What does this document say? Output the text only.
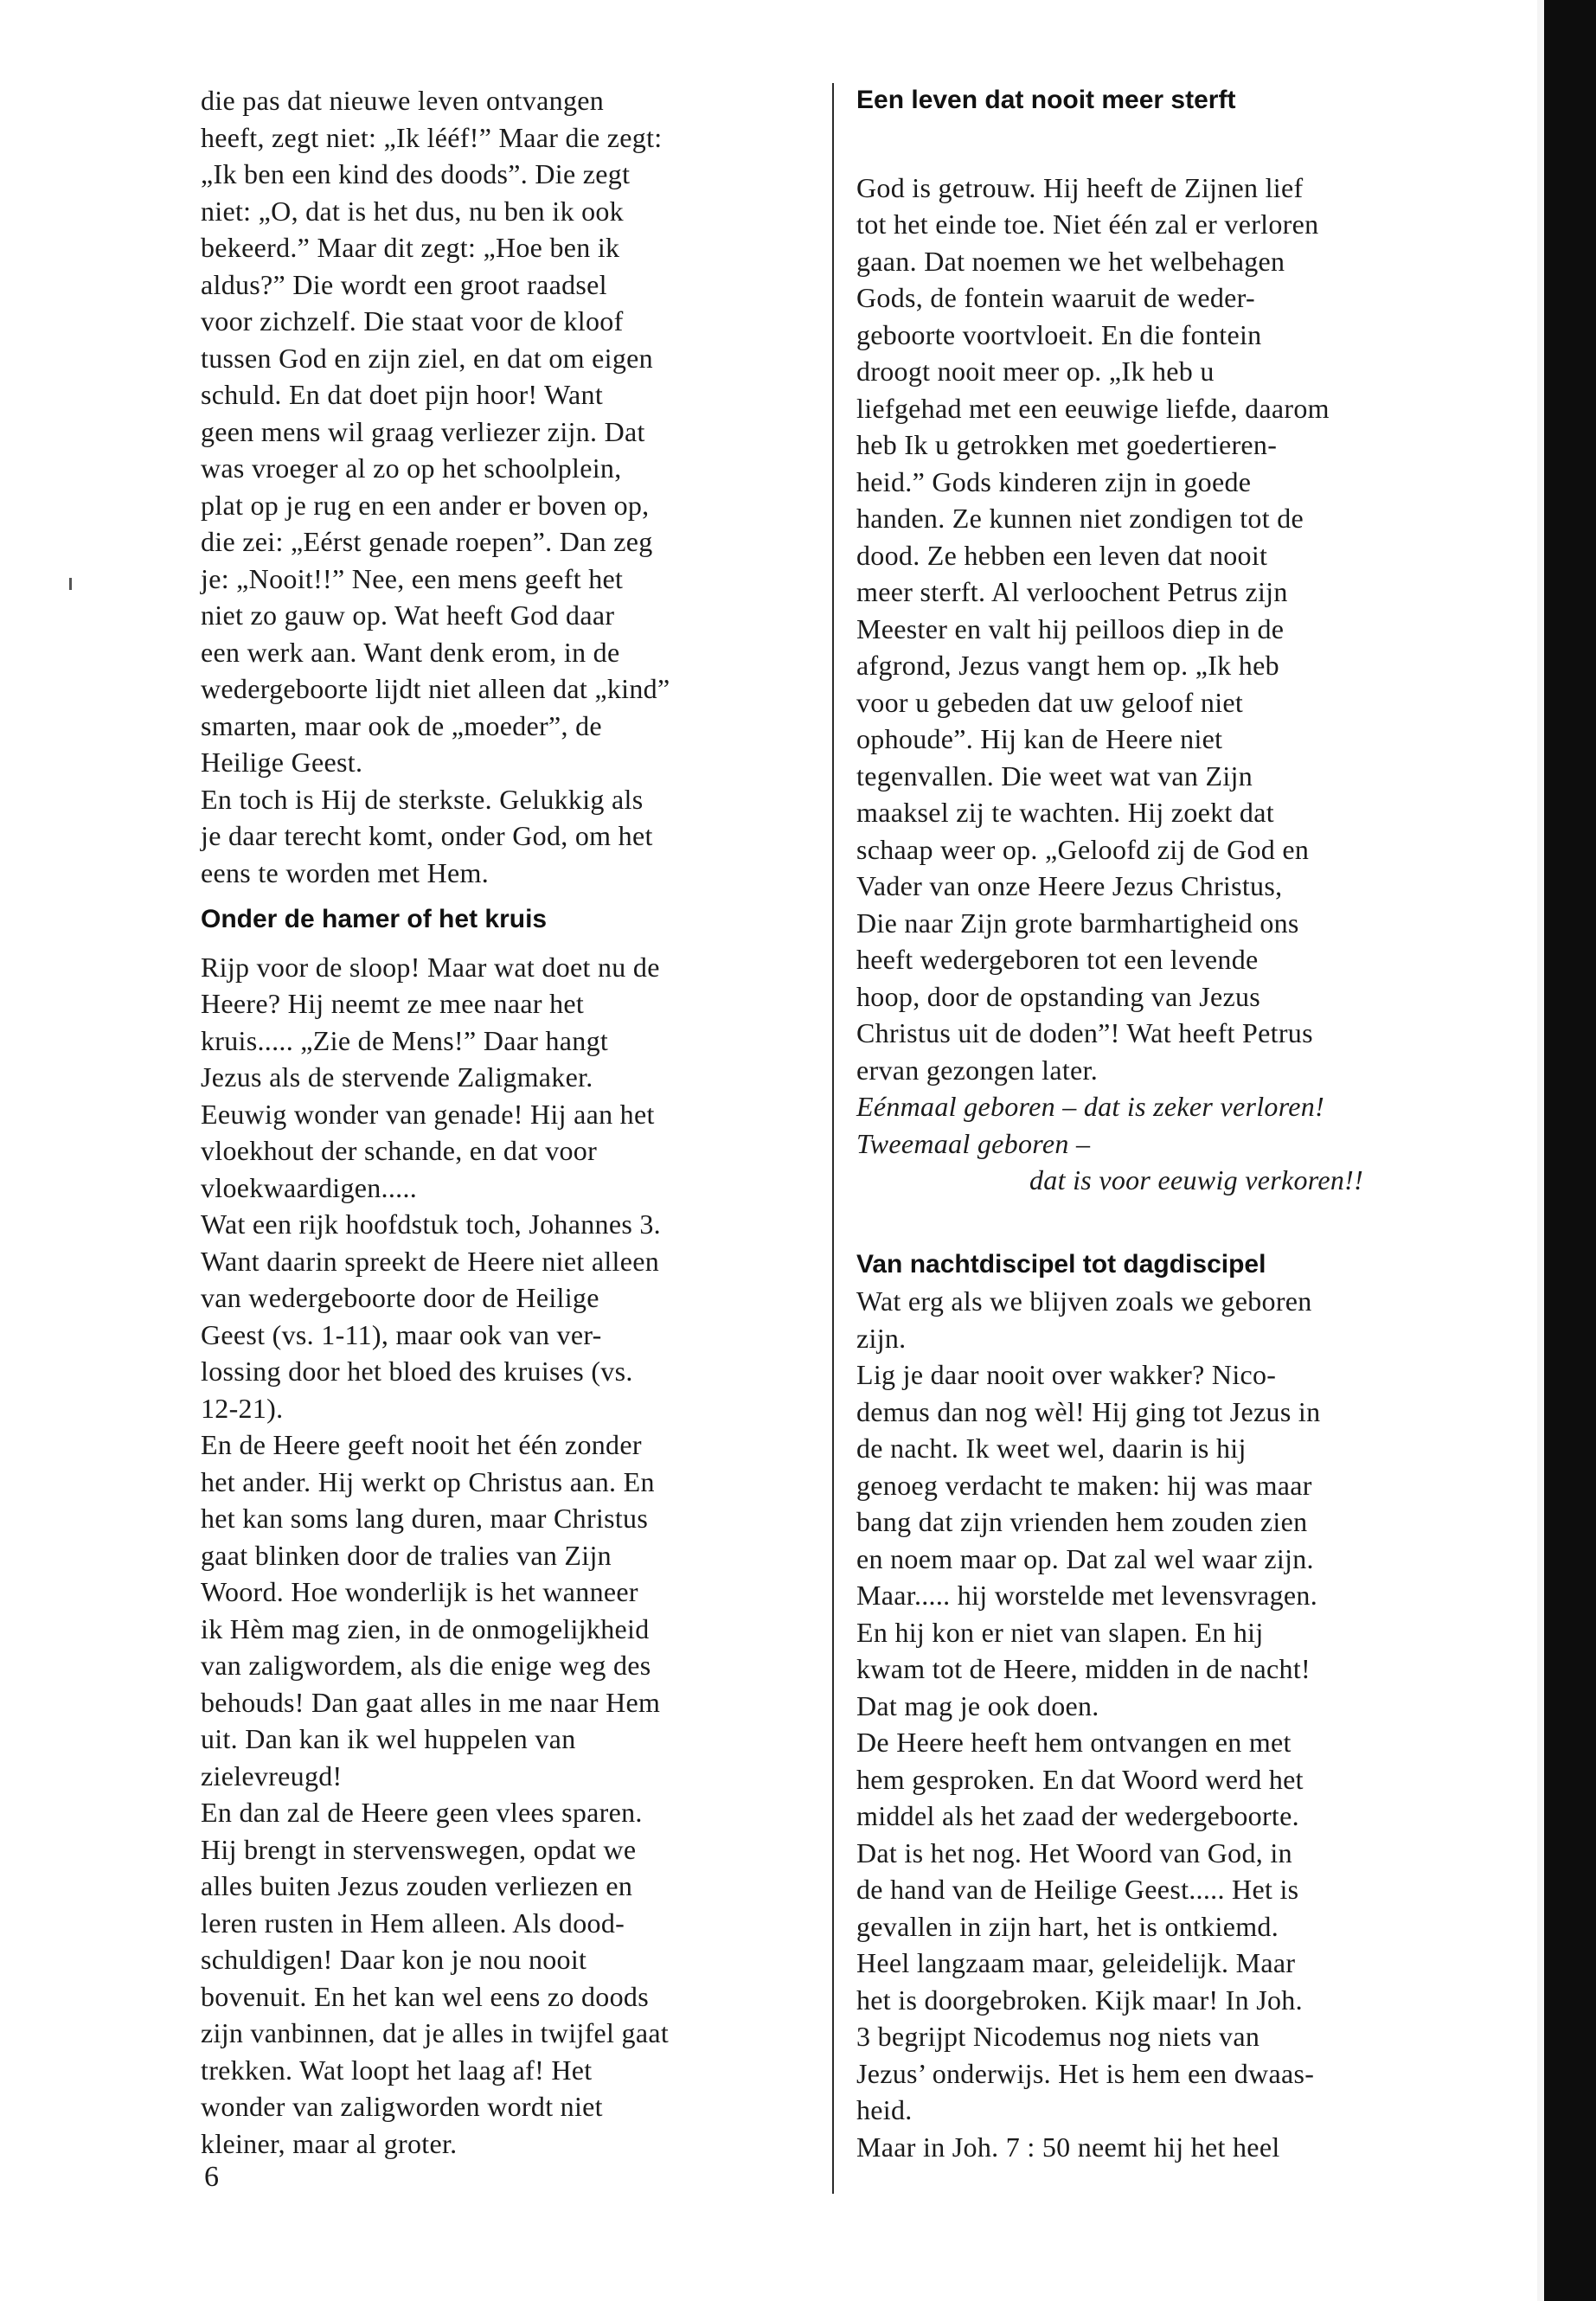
die pas dat nieuwe leven ontvangen
heeft, zegt niet: „Ik lééf!” Maar die zegt:
„Ik ben een kind des doods”. Die zegt
niet: „O, dat is het dus, nu ben ik ook
bekeerd.” Maar dit zegt: „Hoe ben ik
aldus?” Die wordt een groot raadsel
voor zichzelf. Die staat voor de kloof
tussen God en zijn ziel, en dat om eigen
schuld. En dat doet pijn hoor! Want
geen mens wil graag verliezer zijn. Dat
was vroeger al zo op het schoolplein,
plat op je rug en een ander er boven op,
die zei: „Eérst genade roepen”. Dan zeg
je: „Nooit!!” Nee, een mens geeft het
niet zo gauw op. Wat heeft God daar
een werk aan. Want denk erom, in de
wedergeboorte lijdt niet alleen dat „kind”
smarten, maar ook de „moeder”, de
Heilige Geest.
En toch is Hij de sterkste. Gelukkig als
je daar terecht komt, onder God, om het
eens te worden met Hem.
Onder de hamer of het kruis
Rijp voor de sloop! Maar wat doet nu de
Heere? Hij neemt ze mee naar het
kruis..... „Zie de Mens!” Daar hangt
Jezus als de stervende Zaligmaker.
Eeuwig wonder van genade! Hij aan het
vloekhout der schande, en dat voor
vloekwaardigen.....
Wat een rijk hoofdstuk toch, Johannes 3.
Want daarin spreekt de Heere niet alleen
van wedergeboorte door de Heilige
Geest (vs. 1-11), maar ook van ver-
lossing door het bloed des kruises (vs.
12-21).
En de Heere geeft nooit het één zonder
het ander. Hij werkt op Christus aan. En
het kan soms lang duren, maar Christus
gaat blinken door de tralies van Zijn
Woord. Hoe wonderlijk is het wanneer
ik Hèm mag zien, in de onmogelijkheid
van zaligwordem, als die enige weg des
behouds! Dan gaat alles in me naar Hem
uit. Dan kan ik wel huppelen van
zielevreugd!
En dan zal de Heere geen vlees sparen.
Hij brengt in stervenswegen, opdat we
alles buiten Jezus zouden verliezen en
leren rusten in Hem alleen. Als dood-
schuldigen! Daar kon je nou nooit
bovenuit. En het kan wel eens zo doods
zijn vanbinnen, dat je alles in twijfel gaat
trekken. Wat loopt het laag af! Het
wonder van zaligworden wordt niet
kleiner, maar al groter.
Een leven dat nooit meer sterft
God is getrouw. Hij heeft de Zijnen lief
tot het einde toe. Niet één zal er verloren
gaan. Dat noemen we het welbehagen
Gods, de fontein waaruit de weder-
geboorte voortvloeit. En die fontein
droogt nooit meer op. „Ik heb u
liefgehad met een eeuwige liefde, daarom
heb Ik u getrokken met goedertieren-
heid.” Gods kinderen zijn in goede
handen. Ze kunnen niet zondigen tot de
dood. Ze hebben een leven dat nooit
meer sterft. Al verloochent Petrus zijn
Meester en valt hij peilloos diep in de
afgrond, Jezus vangt hem op. „Ik heb
voor u gebeden dat uw geloof niet
ophoude”. Hij kan de Heere niet
tegenvallen. Die weet wat van Zijn
maaksel zij te wachten. Hij zoekt dat
schaap weer op. „Geloofd zij de God en
Vader van onze Heere Jezus Christus,
Die naar Zijn grote barmhartigheid ons
heeft wedergeboren tot een levende
hoop, door de opstanding van Jezus
Christus uit de doden”! Wat heeft Petrus
ervan gezongen later.
Eénmaal geboren – dat is zeker verloren!
Tweemaal geboren –
dat is voor eeuwig verkoren!!
Van nachtdiscipel tot dagdiscipel
Wat erg als we blijven zoals we geboren
zijn.
Lig je daar nooit over wakker? Nico-
demus dan nog wèl! Hij ging tot Jezus in
de nacht. Ik weet wel, daarin is hij
genoeg verdacht te maken: hij was maar
bang dat zijn vrienden hem zouden zien
en noem maar op. Dat zal wel waar zijn.
Maar..... hij worstelde met levensvragen.
En hij kon er niet van slapen. En hij
kwam tot de Heere, midden in de nacht!
Dat mag je ook doen.
De Heere heeft hem ontvangen en met
hem gesproken. En dat Woord werd het
middel als het zaad der wedergeboorte.
Dat is het nog. Het Woord van God, in
de hand van de Heilige Geest..... Het is
gevallen in zijn hart, het is ontkiemd.
Heel langzaam maar, geleidelijk. Maar
het is doorgebroken. Kijk maar! In Joh.
3 begrijpt Nicodemus nog niets van
Jezus’ onderwijs. Het is hem een dwaas-
heid.
Maar in Joh. 7 : 50 neemt hij het heel

6
